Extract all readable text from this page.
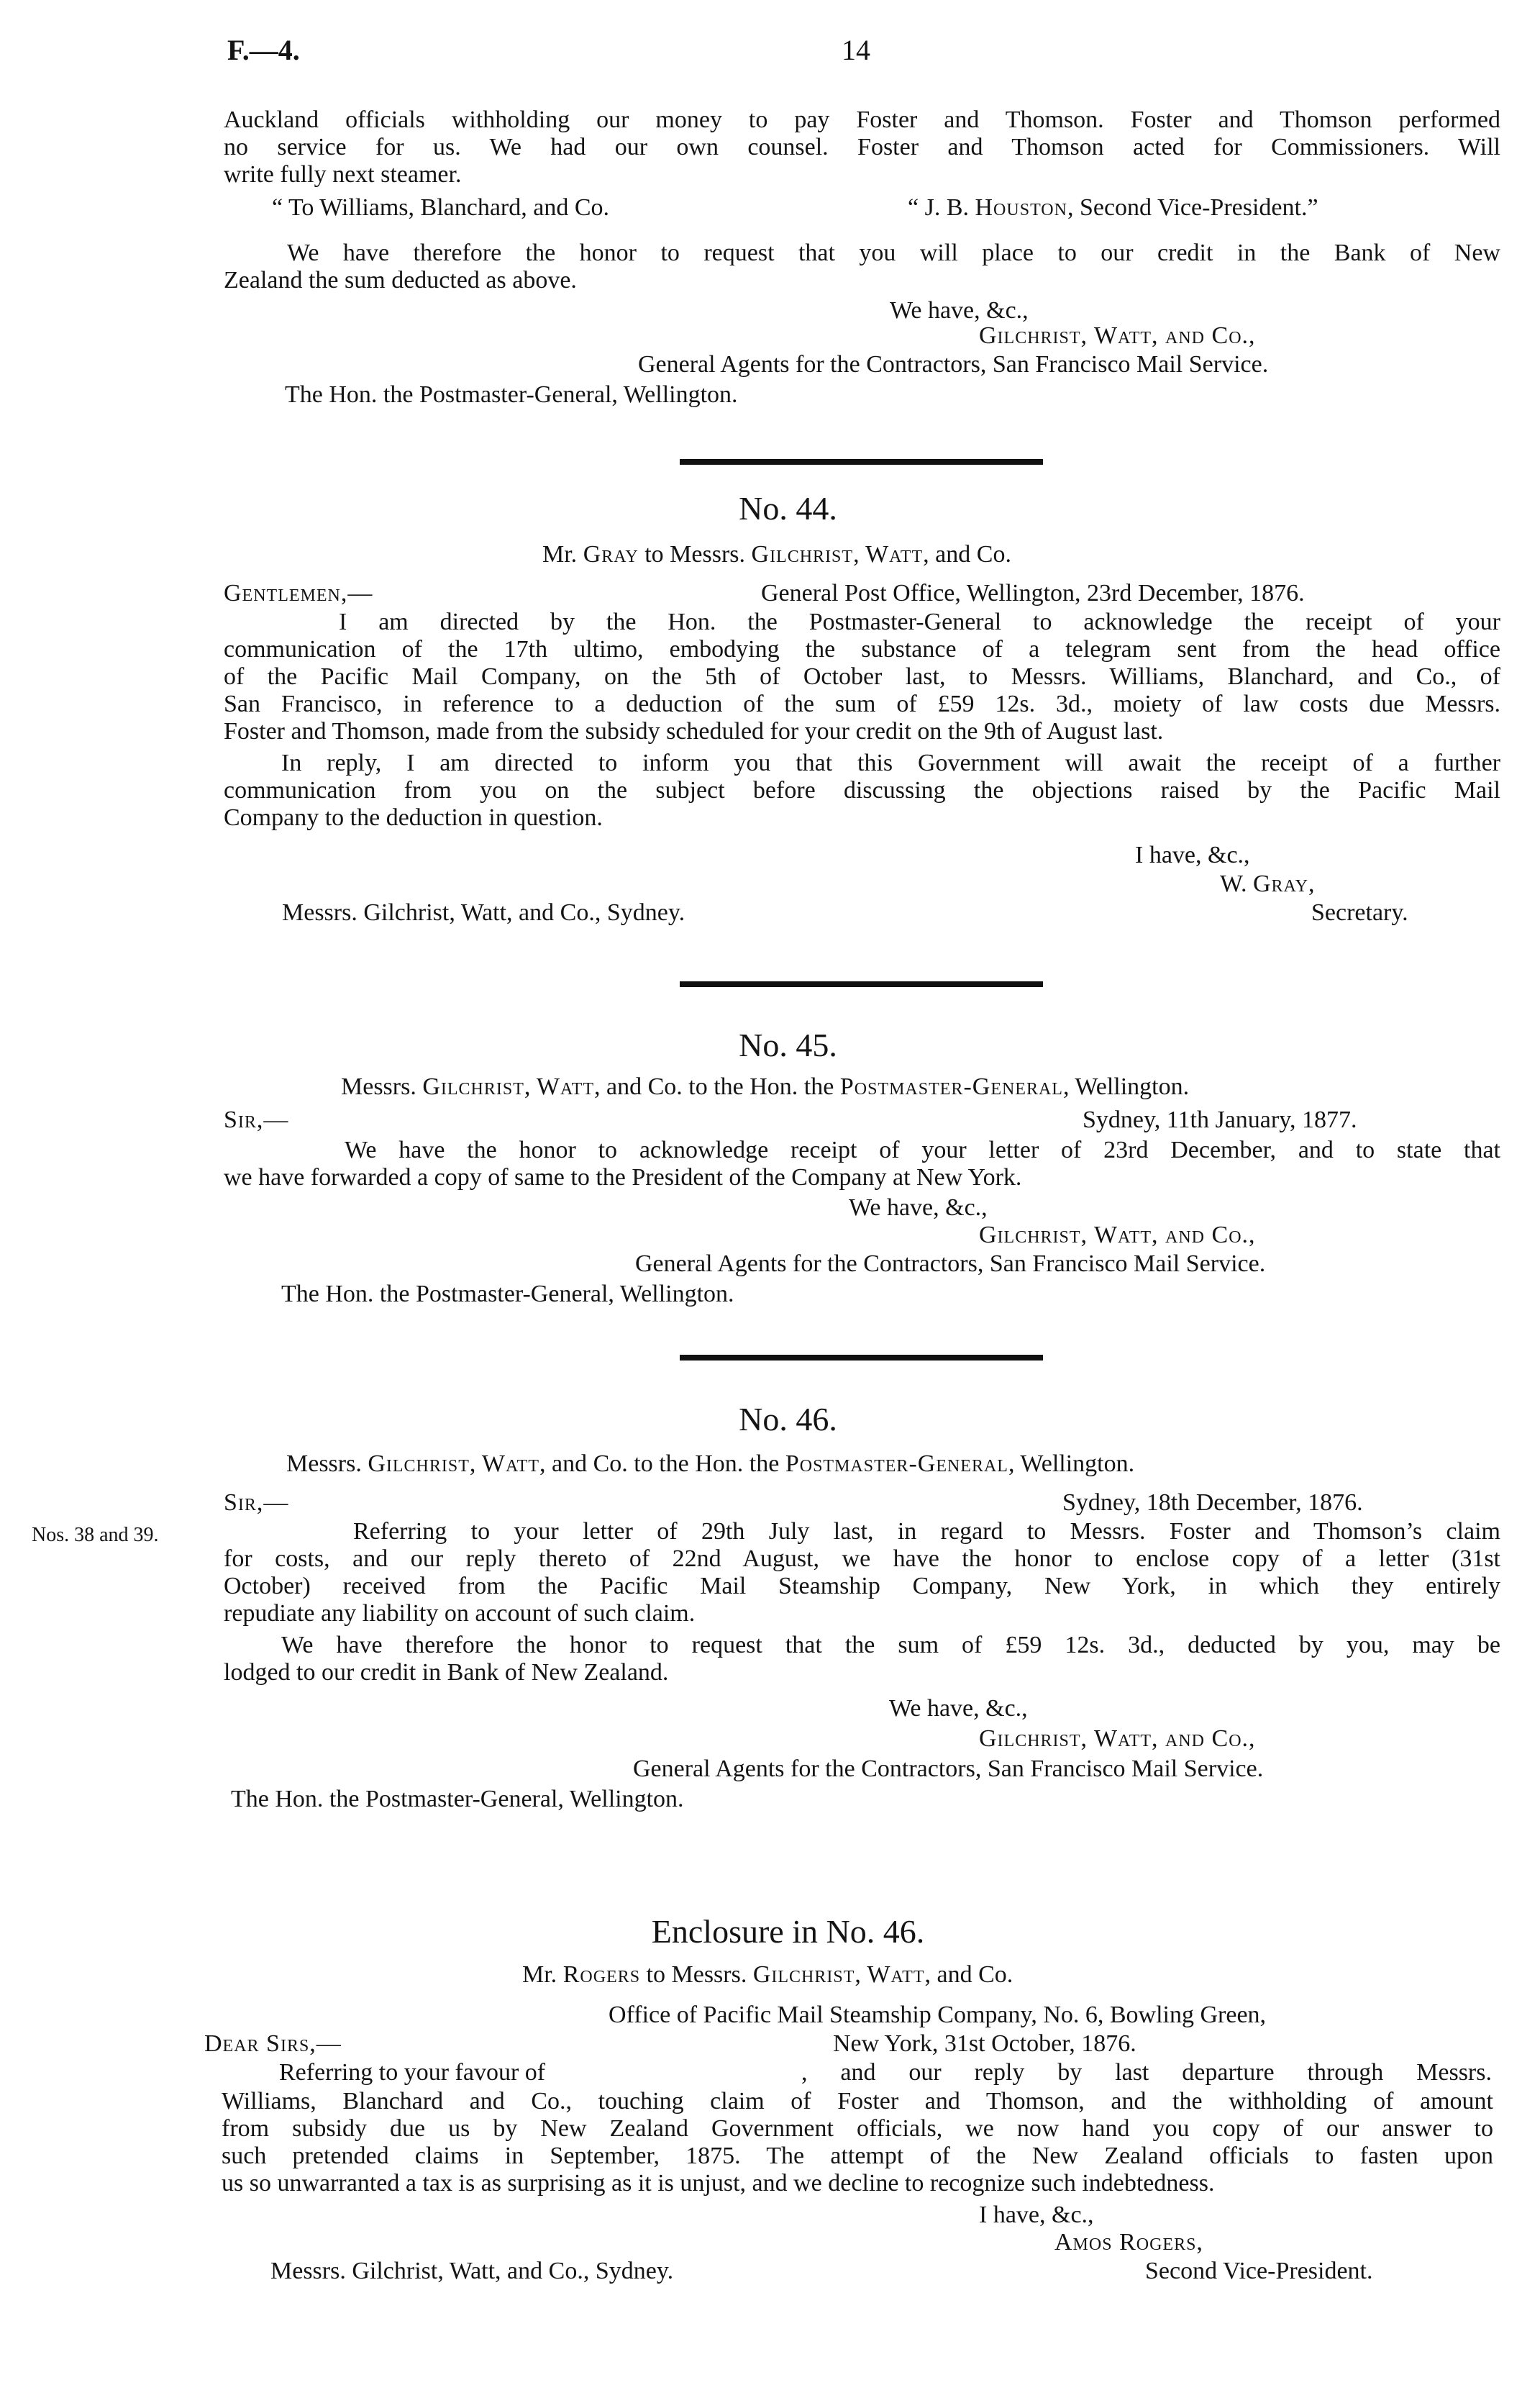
F.—4.	14
Auckland officials withholding our money to pay Foster and Thomson. Foster and Thomson performed
no service for us. We had our own counsel. Foster and Thomson acted for Commissioners. Will
write fully next steamer.
“ To Williams, Blanchard, and Co.	“ J. B. Houston, Second Vice-President.”
We have therefore the honor to request that you will place to our credit in the Bank of New
Zealand the sum deducted as above.
We have, &c.,
Gilchrist, Watt, and Co.,
General Agents for the Contractors, San Francisco Mail Service.
The Hon. the Postmaster-General, Wellington.
No. 44.
Mr. Gray to Messrs. Gilchrist, Watt, and Co.
Gentlemen,—	General Post Office, Wellington, 23rd December, 1876.
I am directed by the Hon. the Postmaster-General to acknowledge the receipt of your
communication of the 17th ultimo, embodying the substance of a telegram sent from the head office
of the Pacific Mail Company, on the 5th of October last, to Messrs. Williams, Blanchard, and Co., of
San Francisco, in reference to a deduction of the sum of £59 12s. 3d., moiety of law costs due Messrs.
Foster and Thomson, made from the subsidy scheduled for your credit on the 9th of August last.
In reply, I am directed to inform you that this Government will await the receipt of a further
communication from you on the subject before discussing the objections raised by the Pacific Mail
Company to the deduction in question.
I have, &c.,
W. Gray,
Messrs. Gilchrist, Watt, and Co., Sydney.	Secretary.
No. 45.
Messrs. Gilchrist, Watt, and Co. to the Hon. the Postmaster-General, Wellington.
Sir,—	Sydney, 11th January, 1877.
We have the honor to acknowledge receipt of your letter of 23rd December, and to state that
we have forwarded a copy of same to the President of the Company at New York.
We have, &c.,
Gilchrist, Watt, and Co.,
General Agents for the Contractors, San Francisco Mail Service.
The Hon. the Postmaster-General, Wellington.
No. 46.
Messrs. Gilchrist, Watt, and Co. to the Hon. the Postmaster-General, Wellington.
Sir,—	Sydney, 18th December, 1876.
Nos. 38 and 39.	Referring to your letter of 29th July last, in regard to Messrs. Foster and Thomson’s claim
for costs, and our reply thereto of 22nd August, we have the honor to enclose copy of a letter (31st
October) received from the Pacific Mail Steamship Company, New York, in which they entirely
repudiate any liability on account of such claim.
We have therefore the honor to request that the sum of £59 12s. 3d., deducted by you, may be
lodged to our credit in Bank of New Zealand.
We have, &c.,
Gilchrist, Watt, and Co.,
General Agents for the Contractors, San Francisco Mail Service.
The Hon. the Postmaster-General, Wellington.
Enclosure in No. 46.
Mr. Rogers to Messrs. Gilchrist, Watt, and Co.
Office of Pacific Mail Steamship Company, No. 6, Bowling Green,
Dear Sirs,—	New York, 31st October, 1876.
Referring to your favour of	, and our reply by last departure through Messrs.
Williams, Blanchard and Co., touching claim of Foster and Thomson, and the withholding of amount
from subsidy due us by New Zealand Government officials, we now hand you copy of our answer to
such pretended claims in September, 1875. The attempt of the New Zealand officials to fasten upon
us so unwarranted a tax is as surprising as it is unjust, and we decline to recognize such indebtedness.
I have, &c.,
Amos Rogers,
Messrs. Gilchrist, Watt, and Co., Sydney.	Second Vice-President.
